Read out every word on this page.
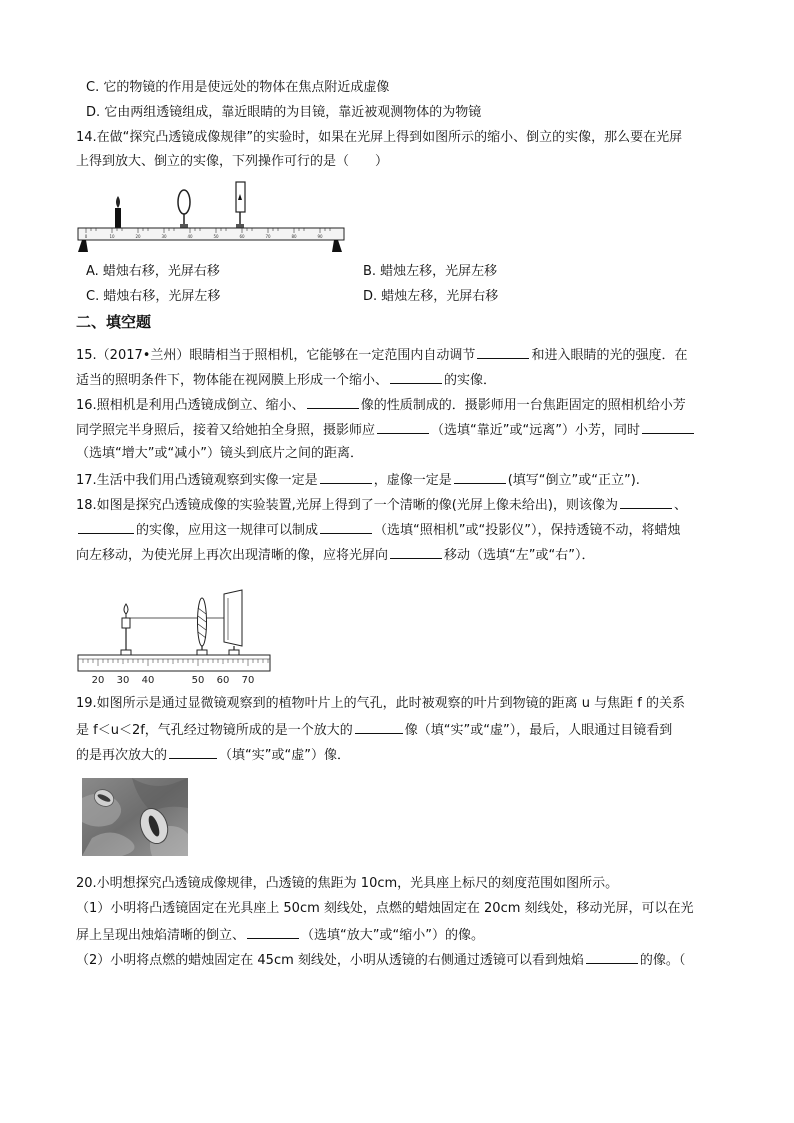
C. 它的物镜的作用是使远处的物体在焦点附近成虚像
D. 它由两组透镜组成，靠近眼睛的为目镜，靠近被观测物体的为物镜
14.在做“探究凸透镜成像规律”的实验时，如果在光屏上得到如图所示的缩小、倒立的实像，那么要在光屏
上得到放大、倒立的实像，下列操作可行的是（　　）
0	10	20	30	40	50	60	70	80	90
A. 蜡烛右移，光屏右移	B. 蜡烛左移，光屏左移
C. 蜡烛右移，光屏左移	D. 蜡烛左移，光屏右移
二、填空题
15.（2017•兰州）眼睛相当于照相机，它能够在一定范围内自动调节	和进入眼睛的光的强度．在
适当的照明条件下，物体能在视网膜上形成一个缩小、	的实像．
16.照相机是利用凸透镜成倒立、缩小、	像的性质制成的．摄影师用一台焦距固定的照相机给小芳
同学照完半身照后，接着又给她拍全身照，摄影师应	（选填“靠近”或“远离”）小芳，同时
（选填“增大”或“减小”）镜头到底片之间的距离．
17.生活中我们用凸透镜观察到实像一定是	，虚像一定是	(填写“倒立”或“正立”).
18.如图是探究凸透镜成像的实验装置,光屏上得到了一个清晰的像(光屏上像未给出)，则该像为	、
的实像，应用这一规律可以制成	（选填“照相机”或“投影仪”），保持透镜不动，将蜡烛
向左移动，为使光屏上再次出现清晰的像，应将光屏向	移动（选填“左”或“右”）．
20 30 40	50 60 70
19.如图所示是通过显微镜观察到的植物叶片上的气孔，此时被观察的叶片到物镜的距离 u 与焦距 f 的关系
是 f＜u＜2f，气孔经过物镜所成的是一个放大的	像（填“实”或“虚”），最后，人眼通过目镜看到
的是再次放大的	（填“实”或“虚”）像．
20.小明想探究凸透镜成像规律，凸透镜的焦距为 10cm，光具座上标尺的刻度范围如图所示。
（1）小明将凸透镜固定在光具座上 50cm 刻线处，点燃的蜡烛固定在 20cm 刻线处，移动光屏，可以在光
屏上呈现出烛焰清晰的倒立、	（选填“放大”或“缩小”）的像。
（2）小明将点燃的蜡烛固定在 45cm 刻线处，小明从透镜的右侧通过透镜可以看到烛焰	的像。（
